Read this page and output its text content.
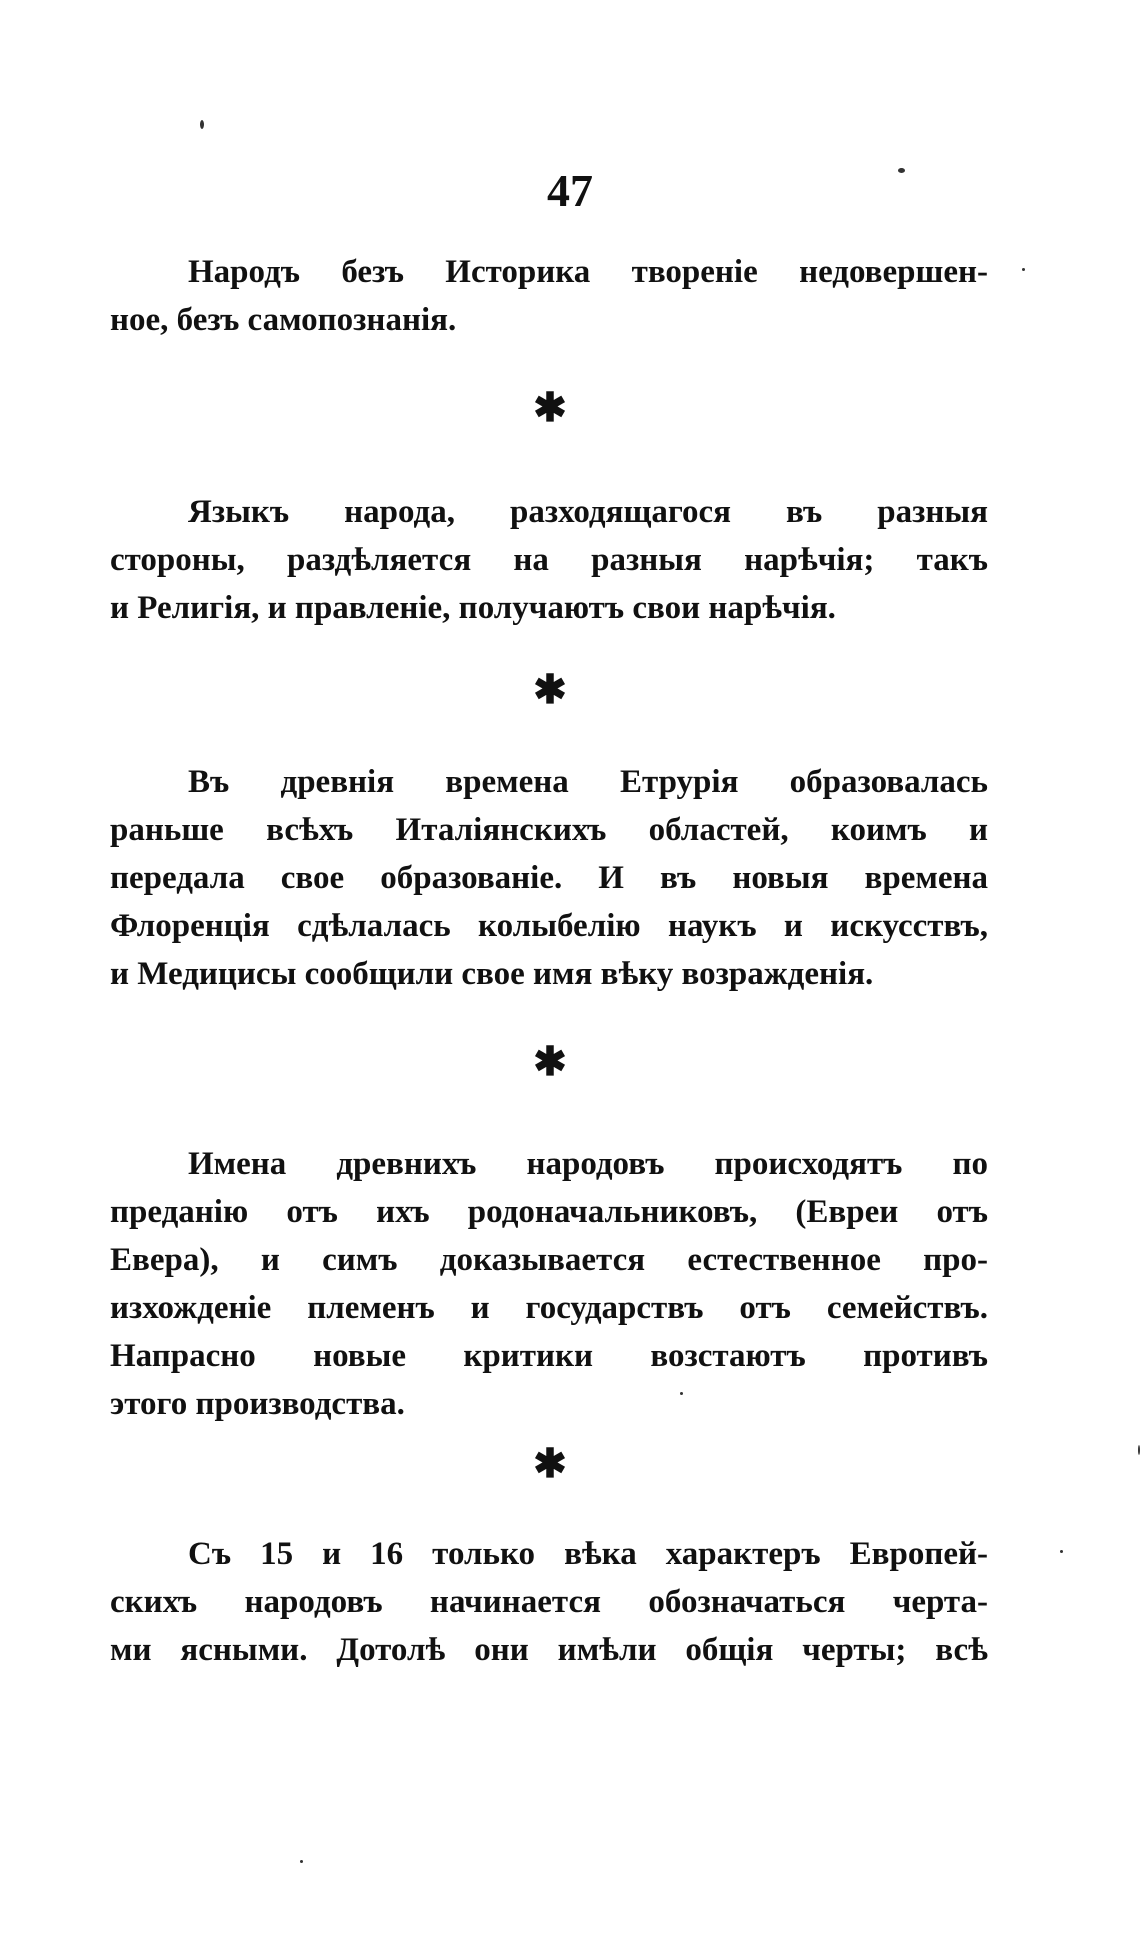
47
Народъ безъ Историка творенiе недовершен-
ное, безъ самопознанiя.
✱
Языкъ народа, разходящагося въ разныя
стороны, раздѣляется на разныя нарѣчiя; такъ
и Религiя, и правленiе, получаютъ свои нарѣчiя.
✱
Въ древнiя времена Етрурiя образовалась
раньше всѣхъ Италiянскихъ областей, коимъ и
передала свое образованiе. И въ новыя времена
Флоренцiя сдѣлалась колыбелiю наукъ и искусствъ,
и Медицисы сообщили свое имя вѣку возражденiя.
✱
Имена древнихъ народовъ происходятъ по
преданiю отъ ихъ родоначальниковъ, (Евреи отъ
Евера), и симъ доказывается естественное про-
изхожденiе племенъ и государствъ отъ семействъ.
Напрасно новые критики возстаютъ противъ
этого производства.
✱
Съ 15 и 16 только вѣка характеръ Европей-
скихъ народовъ начинается обозначаться черта-
ми ясными. Дотолѣ они имѣли общiя черты; всѣ
